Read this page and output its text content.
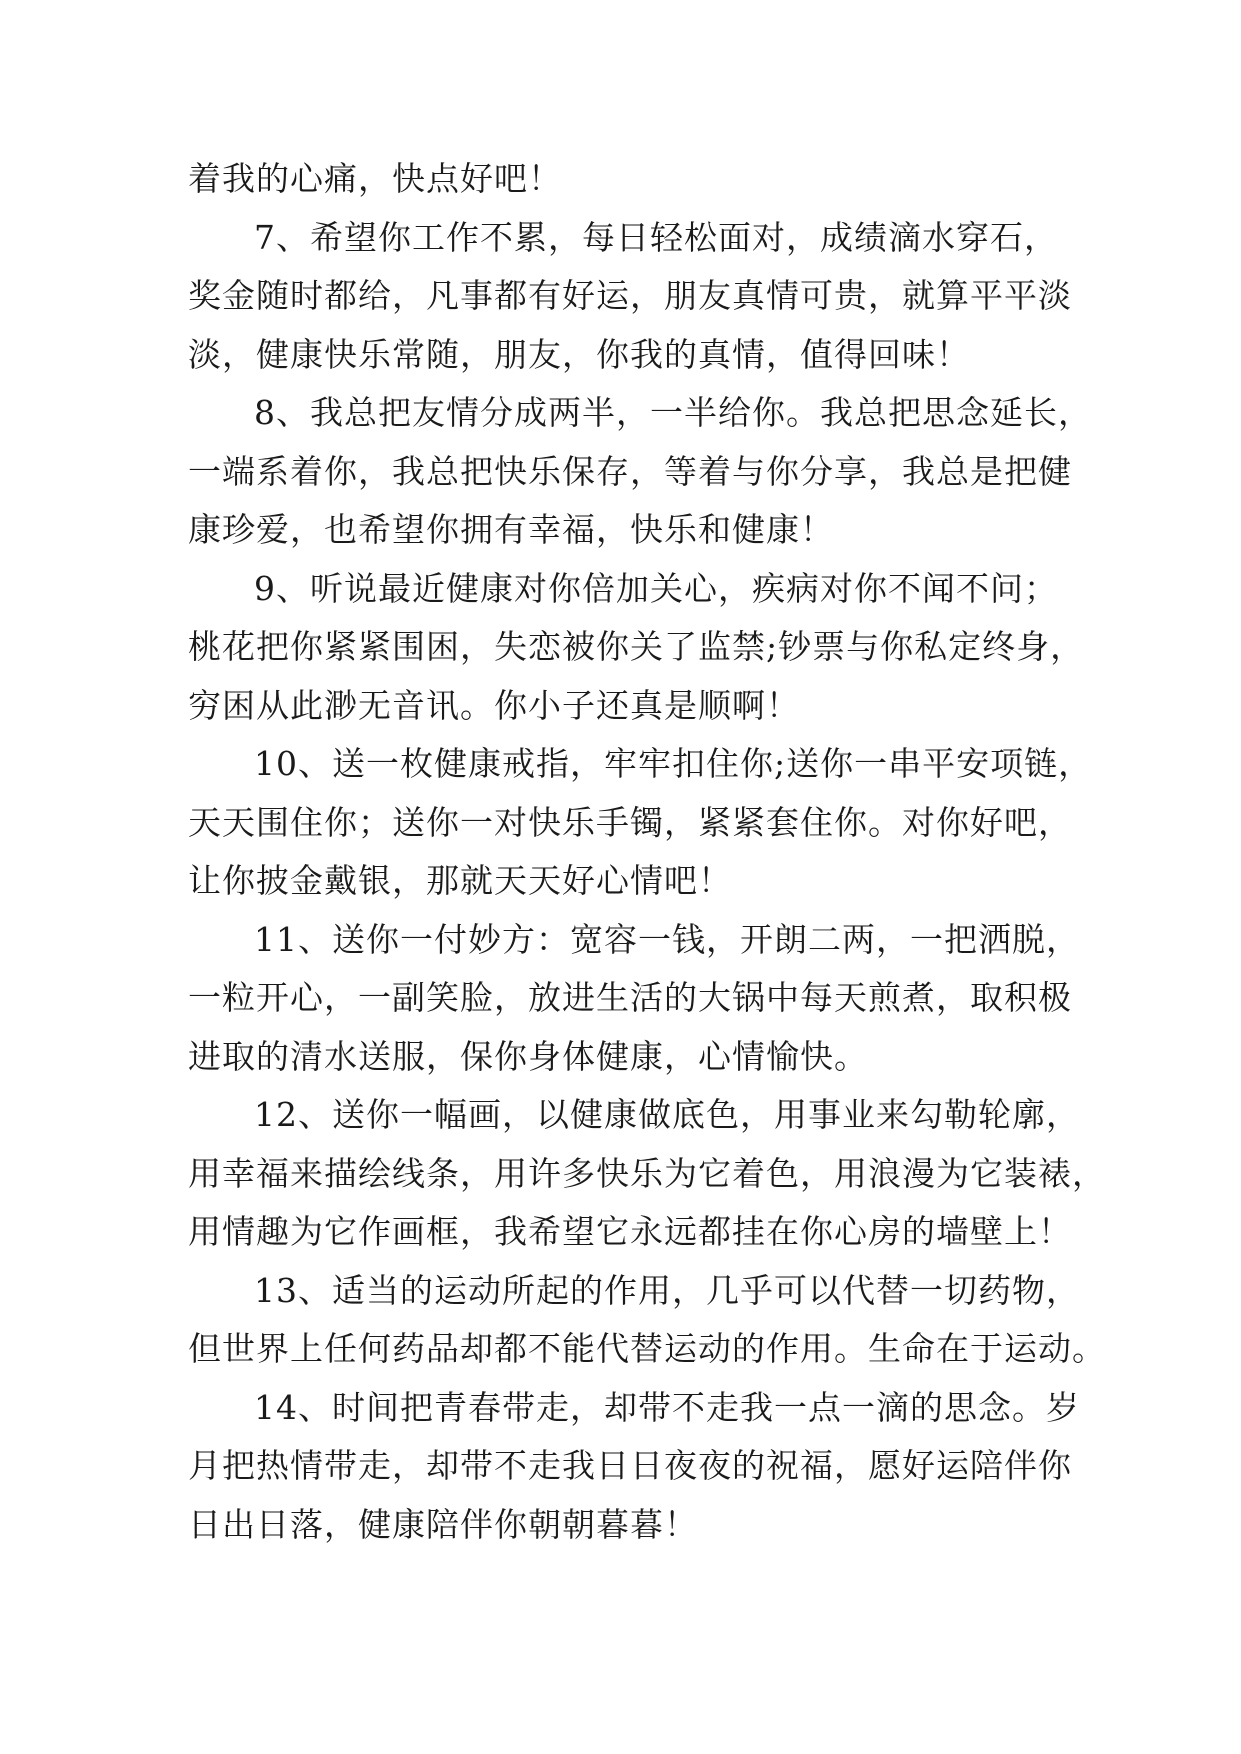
着我的心痛，快点好吧！
7、希望你工作不累，每日轻松面对，成绩滴水穿石，
奖金随时都给，凡事都有好运，朋友真情可贵，就算平平淡
淡，健康快乐常随，朋友，你我的真情，值得回味！
8、我总把友情分成两半，一半给你。我总把思念延长，
一端系着你，我总把快乐保存，等着与你分享，我总是把健
康珍爱，也希望你拥有幸福，快乐和健康！
9、听说最近健康对你倍加关心，疾病对你不闻不问；
桃花把你紧紧围困，失恋被你关了监禁;钞票与你私定终身，
穷困从此渺无音讯。你小子还真是顺啊！
10、送一枚健康戒指，牢牢扣住你;送你一串平安项链，
天天围住你；送你一对快乐手镯，紧紧套住你。对你好吧，
让你披金戴银，那就天天好心情吧！
11、送你一付妙方：宽容一钱，开朗二两，一把洒脱，
一粒开心，一副笑脸，放进生活的大锅中每天煎煮，取积极
进取的清水送服，保你身体健康，心情愉快。
12、送你一幅画，以健康做底色，用事业来勾勒轮廓，
用幸福来描绘线条，用许多快乐为它着色，用浪漫为它装裱，
用情趣为它作画框，我希望它永远都挂在你心房的墙壁上！
13、适当的运动所起的作用，几乎可以代替一切药物，
但世界上任何药品却都不能代替运动的作用。生命在于运动。
14、时间把青春带走，却带不走我一点一滴的思念。岁
月把热情带走，却带不走我日日夜夜的祝福，愿好运陪伴你
日出日落，健康陪伴你朝朝暮暮！
